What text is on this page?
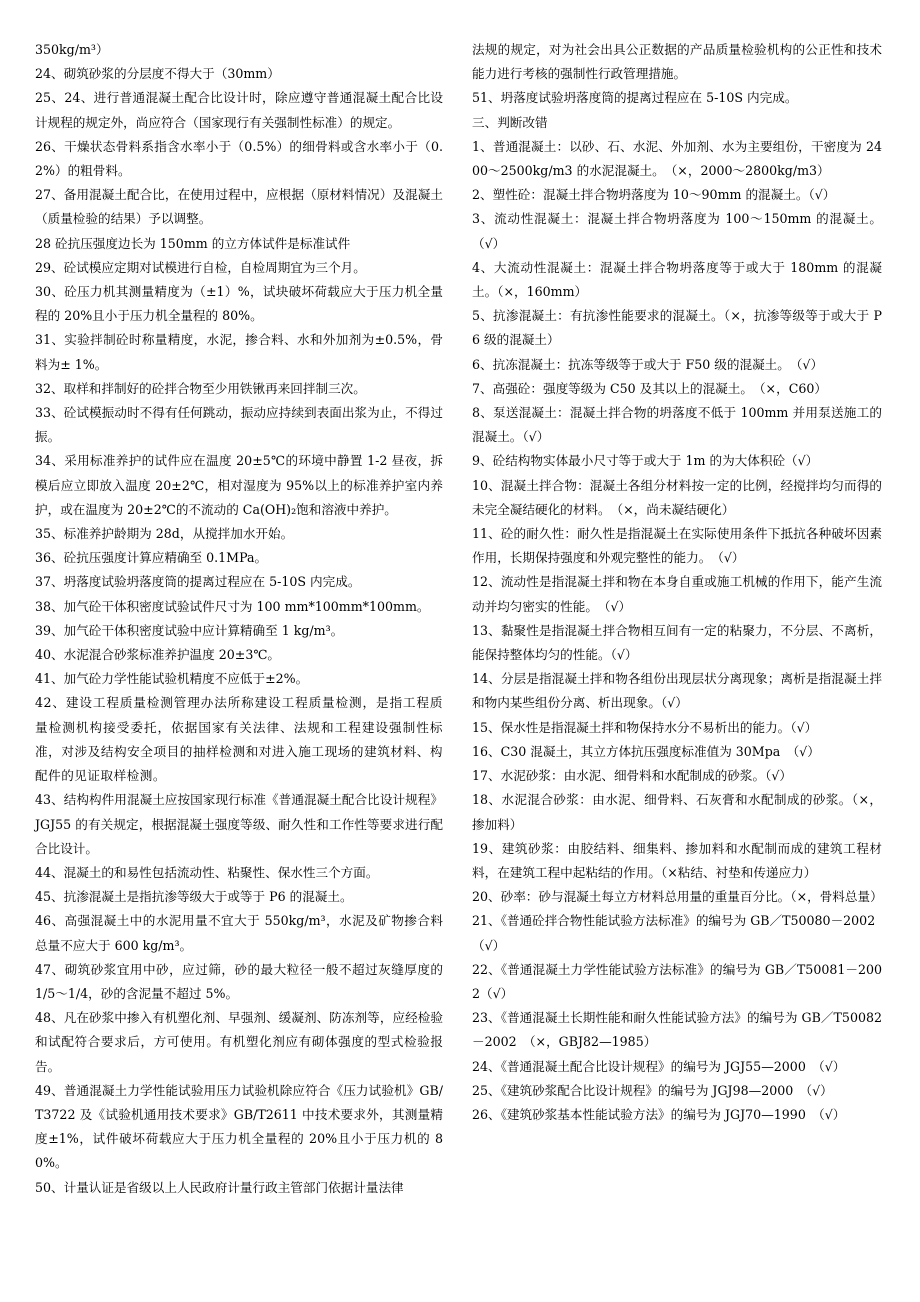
350kg/m³）

24、砌筑砂浆的分层度不得大于（30mm）

25、24、进行普通混凝土配合比设计时，除应遵守普通混凝土配合比设计规程的规定外，尚应符合（国家现行有关强制性标准）的规定。

26、干燥状态骨料系指含水率小于（0.5%）的细骨料或含水率小于（0.2%）的粗骨料。

27、备用混凝土配合比，在使用过程中，应根据（原材料情况）及混凝土（质量检验的结果）予以调整。

28 砼抗压强度边长为 150mm 的立方体试件是标准试件

29、砼试模应定期对试模进行自检，自检周期宜为三个月。

30、砼压力机其测量精度为（±1）%，试块破坏荷载应大于压力机全量程的 20%且小于压力机全量程的 80%。

31、实验拌制砼时称量精度，水泥，掺合料、水和外加剂为±0.5%，骨料为± 1%。

32、取样和拌制好的砼拌合物至少用铁锹再来回拌制三次。

33、砼试模振动时不得有任何跳动，振动应持续到表面出浆为止，不得过振。

34、采用标准养护的试件应在温度 20±5℃的环境中静置 1-2 昼夜，拆模后应立即放入温度 20±2℃，相对湿度为 95%以上的标准养护室内养护，或在温度为 20±2℃的不流动的 Ca(OH)₂饱和溶液中养护。

35、标准养护龄期为 28d，从搅拌加水开始。

36、砼抗压强度计算应精确至 0.1MPa。

37、坍落度试验坍落度筒的提离过程应在 5-10S 内完成。

38、加气砼干体积密度试验试件尺寸为 100 mm*100mm*100mm。

39、加气砼干体积密度试验中应计算精确至 1 kg/m³。

40、水泥混合砂浆标准养护温度 20±3℃。

41、加气砼力学性能试验机精度不应低于±2%。

42、建设工程质量检测管理办法所称建设工程质量检测，是指工程质量检测机构接受委托，依据国家有关法律、法规和工程建设强制性标准，对涉及结构安全项目的抽样检测和对进入施工现场的建筑材料、构配件的见证取样检测。

43、结构构件用混凝土应按国家现行标准《普通混凝土配合比设计规程》JGJ55 的有关规定，根据混凝土强度等级、耐久性和工作性等要求进行配合比设计。

44、混凝土的和易性包括流动性、粘聚性、保水性三个方面。

45、抗渗混凝土是指抗渗等级大于或等于 P6 的混凝土。

46、高强混凝土中的水泥用量不宜大于 550kg/m³，水泥及矿物掺合料总量不应大于 600 kg/m³。

47、砌筑砂浆宜用中砂，应过筛，砂的最大粒径一般不超过灰缝厚度的 1/5～1/4，砂的含泥量不超过 5%。

48、凡在砂浆中掺入有机塑化剂、早强剂、缓凝剂、防冻剂等，应经检验和试配符合要求后，方可使用。有机塑化剂应有砌体强度的型式检验报告。

49、普通混凝土力学性能试验用压力试验机除应符合《压力试验机》GB/T3722 及《试验机通用技术要求》GB/T2611 中技术要求外，其测量精度±1%，试件破坏荷载应大于压力机全量程的 20%且小于压力机的 80%。

50、计量认证是省级以上人民政府计量行政主管部门依据计量法律

法规的规定，对为社会出具公正数据的产品质量检验机构的公正性和技术能力进行考核的强制性行政管理措施。

51、坍落度试验坍落度筒的提离过程应在 5-10S 内完成。

三、判断改错

1、普通混凝土：以砂、石、水泥、外加剂、水为主要组份，干密度为 2400～2500kg/m3 的水泥混凝土。　（×，2000～2800kg/m3）

2、塑性砼：混凝土拌合物坍落度为 10～90mm 的混凝土。（√）

3、流动性混凝土：混凝土拌合物坍落度为 100～150mm 的混凝土。（√）

4、大流动性混凝土：混凝土拌合物坍落度等于或大于 180mm 的混凝土。（×，160mm）

5、抗渗混凝土：有抗渗性能要求的混凝土。（×，抗渗等级等于或大于 P6 级的混凝土）

6、抗冻混凝土：抗冻等级等于或大于 F50 级的混凝土。　（√）

7、高强砼：强度等级为 C50 及其以上的混凝土。　（×，C60）

8、泵送混凝土：混凝土拌合物的坍落度不低于 100mm 并用泵送施工的混凝土。（√）

9、砼结构物实体最小尺寸等于或大于 1m 的为大体积砼（√）

10、混凝土拌合物：混凝土各组分材料按一定的比例，经搅拌均匀而得的未完全凝结硬化的材料。　（×，尚未凝结硬化）

11、砼的耐久性：耐久性是指混凝土在实际使用条件下抵抗各种破坏因素作用，长期保持强度和外观完整性的能力。　（√）

12、流动性是指混凝土拌和物在本身自重或施工机械的作用下，能产生流动并均匀密实的性能。　（√）

13、黏聚性是指混凝土拌合物相互间有一定的粘聚力，不分层、不离析，能保持整体均匀的性能。（√）

14、分层是指混凝土拌和物各组份出现层状分离现象；离析是指混凝土拌和物内某些组份分离、析出现象。（√）

15、保水性是指混凝土拌和物保持水分不易析出的能力。（√）

16、C30 混凝土，其立方体抗压强度标准值为 30Mpa　（√）

17、水泥砂浆：由水泥、细骨料和水配制成的砂浆。（√）

18、水泥混合砂浆：由水泥、细骨料、石灰膏和水配制成的砂浆。（×，掺加料）

19、建筑砂浆：由胶结料、细集料、掺加料和水配制而成的建筑工程材料，在建筑工程中起粘结的作用。（×粘结、衬垫和传递应力）

20、砂率：砂与混凝土每立方材料总用量的重量百分比。（×，骨料总量）

21、《普通砼拌合物性能试验方法标准》的编号为 GB／T50080－2002

（√）

22、《普通混凝土力学性能试验方法标准》的编号为 GB／T50081－2002（√）

23、《普通混凝土长期性能和耐久性能试验方法》的编号为 GB／T50082－2002　（×，GBJ82—1985）

24、《普通混凝土配合比设计规程》的编号为 JGJ55—2000　（√）

25、《建筑砂浆配合比设计规程》的编号为 JGJ98—2000　（√）

26、《建筑砂浆基本性能试验方法》的编号为 JGJ70—1990　（√）
